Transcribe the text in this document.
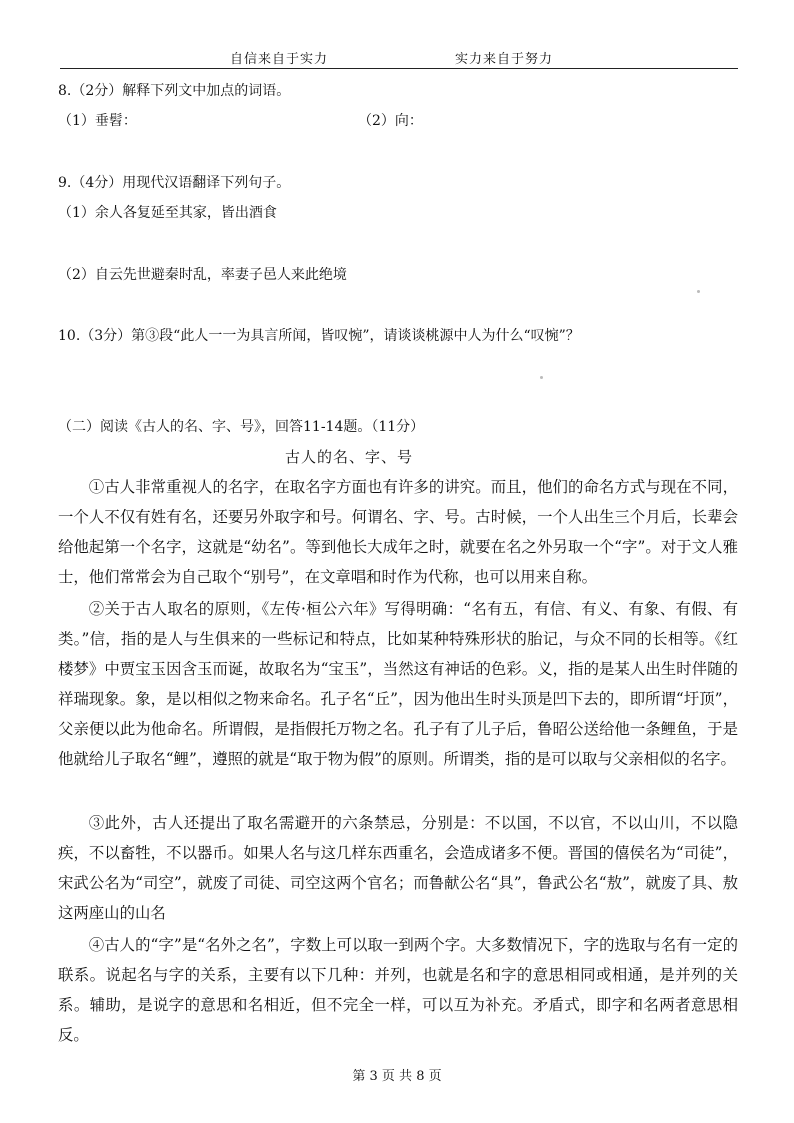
自信来自于实力	实力来自于努力
8.（2分）解释下列文中加点的词语。
（1）垂髫：	（2）向：
9.（4分）用现代汉语翻译下列句子。
（1）余人各复延至其家，皆出酒食
（2）自云先世避秦时乱，率妻子邑人来此绝境
10.（3分）第③段“此人一一为具言所闻，皆叹惋”，请谈谈桃源中人为什么“叹惋”？
（二）阅读《古人的名、字、号》，回答11-14题。（11分）
古人的名、字、号
①古人非常重视人的名字，在取名字方面也有许多的讲究。而且，他们的命名方式与现在不同，一个人不仅有姓有名，还要另外取字和号。何谓名、字、号。古时候，一个人出生三个月后，长辈会给他起第一个名字，这就是“幼名”。等到他长大成年之时，就要在名之外另取一个“字”。对于文人雅士，他们常常会为自己取个“别号”，在文章唱和时作为代称，也可以用来自称。
②关于古人取名的原则，《左传·桓公六年》写得明确：“名有五，有信、有义、有象、有假、有类。”信，指的是人与生俱来的一些标记和特点，比如某种特殊形状的胎记，与众不同的长相等。《红楼梦》中贾宝玉因含玉而诞，故取名为“宝玉”，当然这有神话的色彩。义，指的是某人出生时伴随的祥瑞现象。象，是以相似之物来命名。孔子名“丘”，因为他出生时头顶是凹下去的，即所谓“圩顶”，父亲便以此为他命名。所谓假，是指假托万物之名。孔子有了儿子后，鲁昭公送给他一条鲤鱼，于是他就给儿子取名“鲤”，遵照的就是“取于物为假”的原则。所谓类，指的是可以取与父亲相似的名字。
③此外，古人还提出了取名需避开的六条禁忌，分别是：不以国，不以官，不以山川，不以隐疾，不以畜牲，不以器币。如果人名与这几样东西重名，会造成诸多不便。晋国的僖侯名为“司徒”，宋武公名为“司空”，就废了司徒、司空这两个官名；而鲁献公名“具”，鲁武公名“敖”，就废了具、敖这两座山的山名
④古人的“字”是“名外之名”，字数上可以取一到两个字。大多数情况下，字的选取与名有一定的联系。说起名与字的关系，主要有以下几种：并列，也就是名和字的意思相同或相通，是并列的关系。辅助，是说字的意思和名相近，但不完全一样，可以互为补充。矛盾式，即字和名两者意思相反。
第 3 页 共 8 页
